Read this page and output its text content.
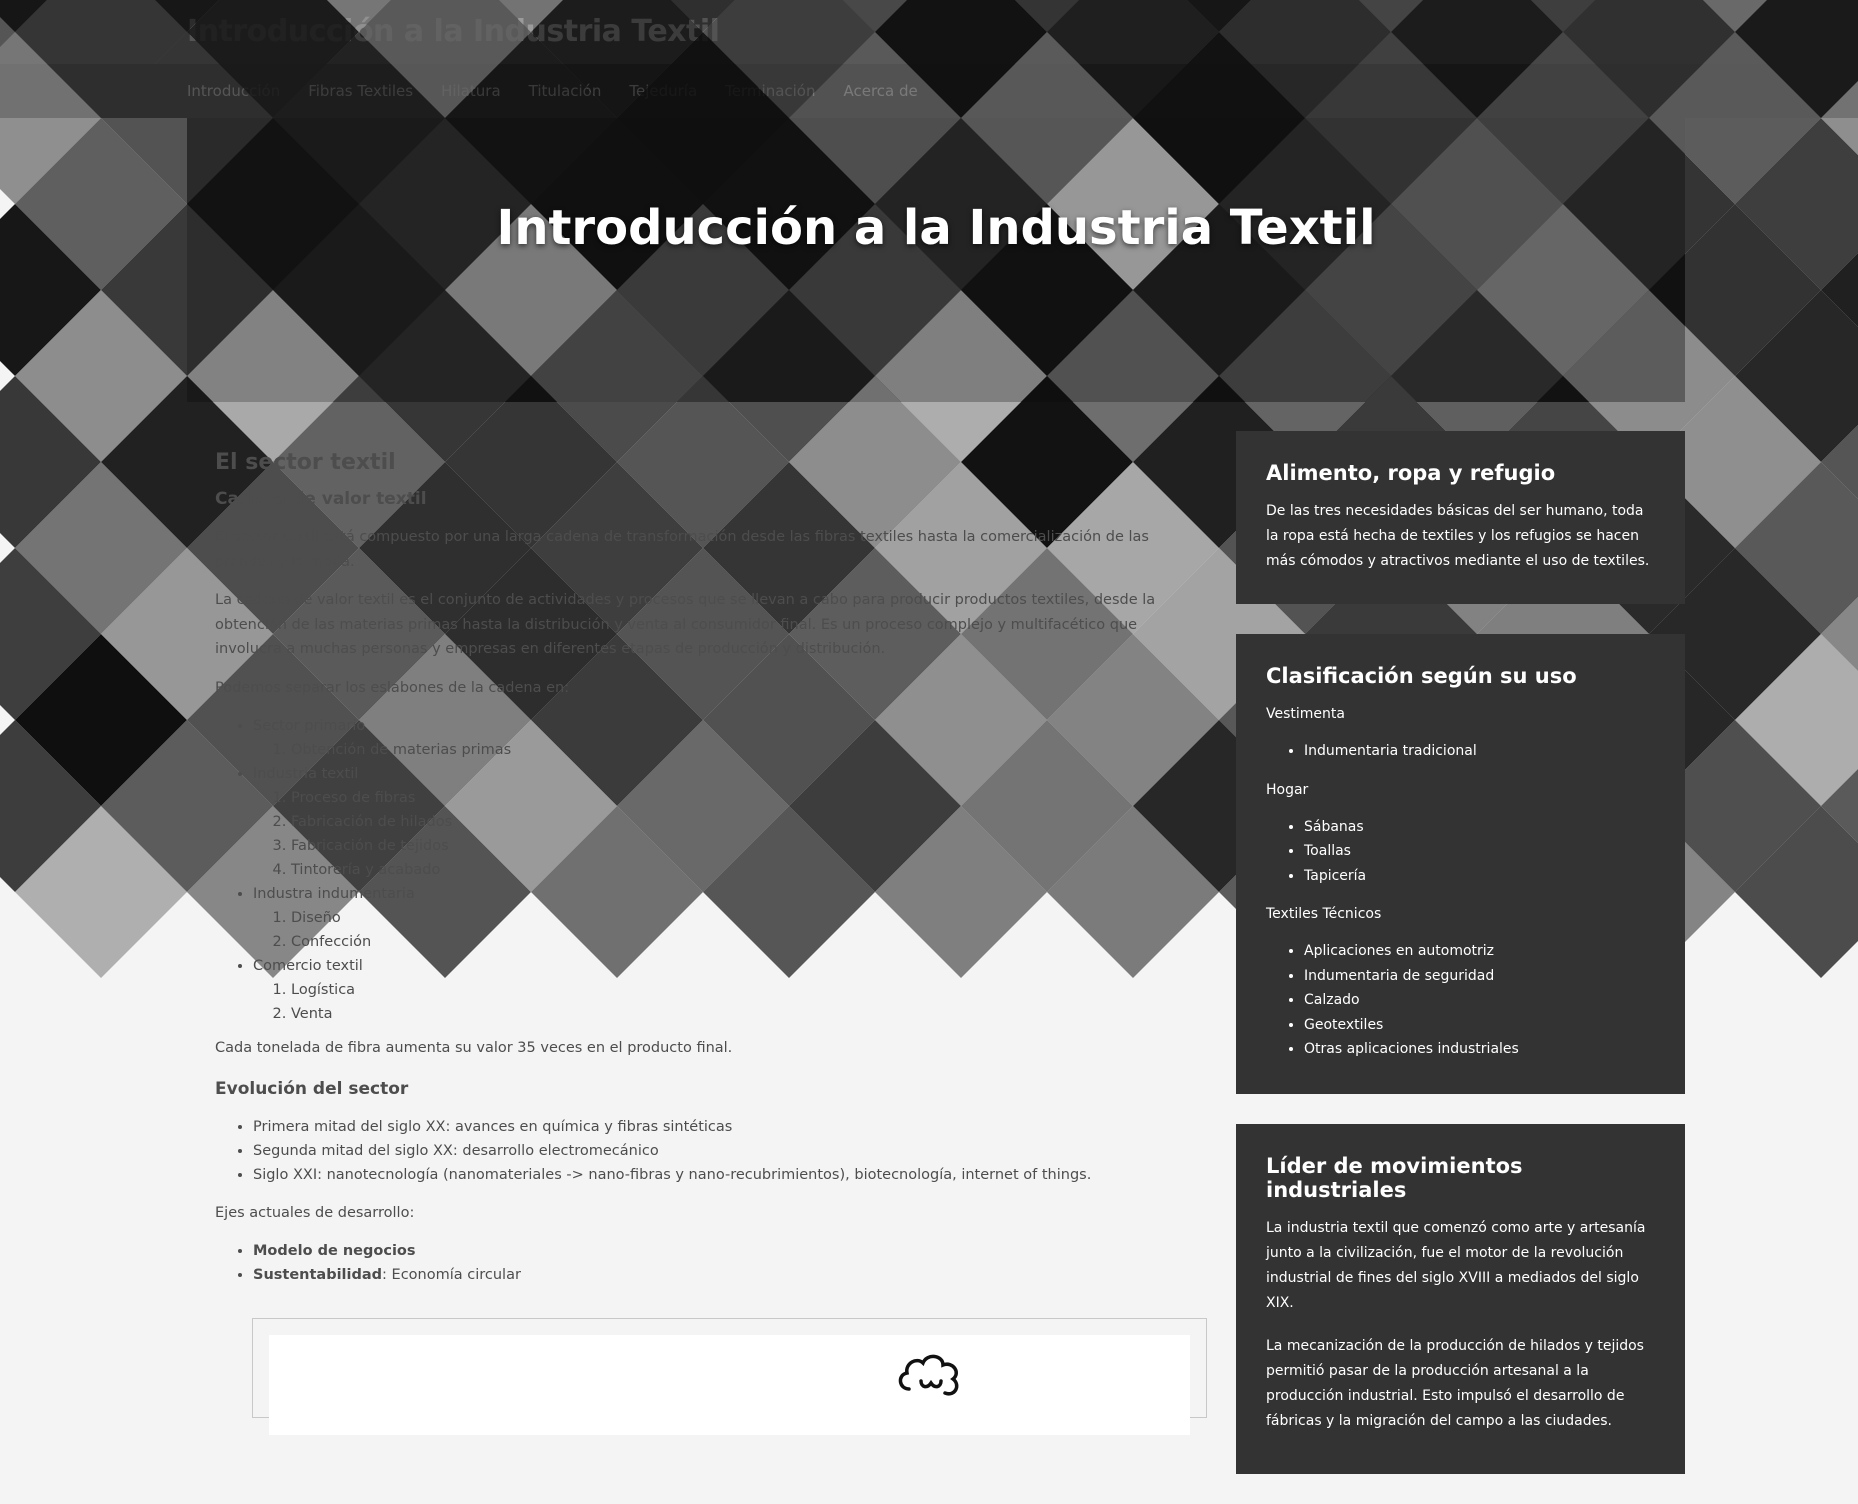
Introducción a la Industria Textil
El sector textil
Cadena de valor textil

El sector textil está compuesto por una larga cadena de transformación desde las fibras textiles hasta la comercialización de las prendas y la moda.

La cadena de valor textil es el conjunto de actividades y procesos que se llevan a cabo para producir productos textiles, desde la obtención de las materias primas hasta la distribución y venta al consumidor final. Es un proceso complejo y multifacético que involucra a muchas personas y empresas en diferentes etapas de producción y distribución.

Podemos separar los eslabones de la cadena en:

• Sector primario
1. Obtención de materias primas
• Industria textil
1. Proceso de fibras
2. Fabricación de hilados
3. Fabricación de tejidos
4. Tintorería y acabado
• Industra indumentaria
1. Diseño
2. Confección
• Comercio textil
1. Logística
2. Venta

Cada tonelada de fibra aumenta su valor 35 veces en el producto final.

Evolución del sector
• Primera mitad del siglo XX: avances en química y fibras sintéticas
• Segunda mitad del siglo XX: desarrollo electromecánico
• Siglo XXI: nanotecnología (nanomateriales -> nano-fibras y nano-recubrimientos), biotecnología, internet of things.

Ejes actuales de desarrollo:

• Modelo de negocios
• Sustentabilidad: Economía circular
Alimento, ropa y refugio

De las tres necesidades básicas del ser humano, toda la ropa está hecha de textiles y los refugios se hacen más cómodos y atractivos mediante el uso de textiles.

Clasificación según su uso

Vestimenta

• Indumentaria tradicional

Hogar

• Sábanas
• Toallas
• Tapicería

Textiles Técnicos

• Aplicaciones en automotriz
• Indumentaria de seguridad
• Calzado
• Geotextiles
• Otras aplicaciones industriales
Líder de movimientos industriales

La industria textil que comenzó como arte y artesanía junto a la civilización, fue el motor de la revolución industrial de fines del siglo XVIII a mediados del siglo XIX.

La mecanización de la producción de hilados y tejidos permitió pasar de la producción artesanal a la producción industrial. Esto impulsó el desarrollo de fábricas y la migración del campo a las ciudades.
